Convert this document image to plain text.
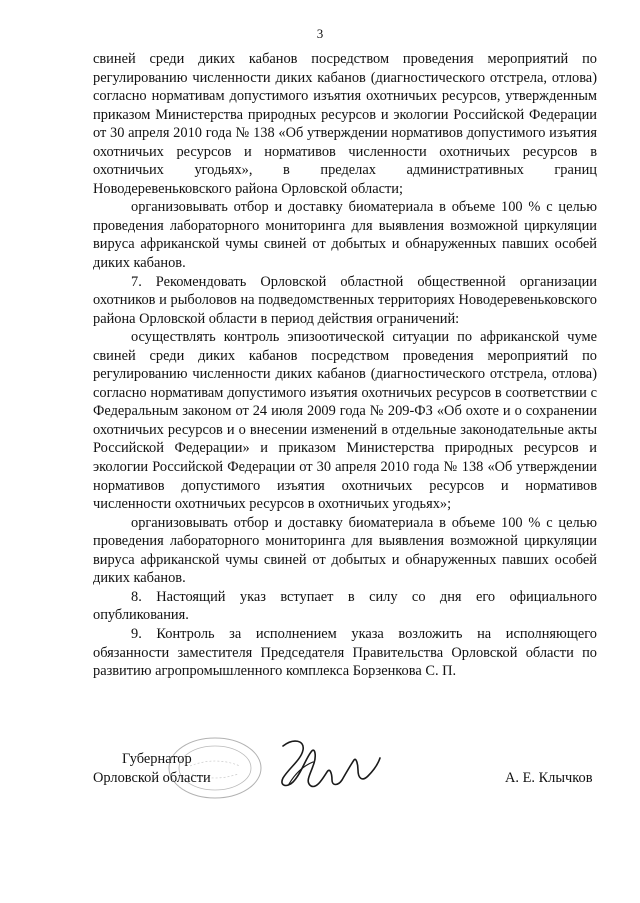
3

свиней среди диких кабанов посредством проведения мероприятий по регулированию численности диких кабанов (диагностического отстрела, отлова) согласно нормативам допустимого изъятия охотничьих ресурсов, утвержденным приказом Министерства природных ресурсов и экологии Российской Федерации от 30 апреля 2010 года № 138 «Об утверждении нормативов допустимого изъятия охотничьих ресурсов и нормативов численности охотничьих ресурсов в охотничьих угодьях», в пределах административных границ Новодеревеньковского района Орловской области;

организовывать отбор и доставку биоматериала в объеме 100 % с целью проведения лабораторного мониторинга для выявления возможной циркуляции вируса африканской чумы свиней от добытых и обнаруженных павших особей диких кабанов.

7. Рекомендовать Орловской областной общественной организации охотников и рыболовов на подведомственных территориях Новодеревеньковского района Орловской области в период действия ограничений:

осуществлять контроль эпизоотической ситуации по африканской чуме свиней среди диких кабанов посредством проведения мероприятий по регулированию численности диких кабанов (диагностического отстрела, отлова) согласно нормативам допустимого изъятия охотничьих ресурсов в соответствии с Федеральным законом от 24 июля 2009 года № 209-ФЗ «Об охоте и о сохранении охотничьих ресурсов и о внесении изменений в отдельные законодательные акты Российской Федерации» и приказом Министерства природных ресурсов и экологии Российской Федерации от 30 апреля 2010 года № 138 «Об утверждении нормативов допустимого изъятия охотничьих ресурсов и нормативов численности охотничьих ресурсов в охотничьих угодьях»;

организовывать отбор и доставку биоматериала в объеме 100 % с целью проведения лабораторного мониторинга для выявления возможной циркуляции вируса африканской чумы свиней от добытых и обнаруженных павших особей диких кабанов.

8. Настоящий указ вступает в силу со дня его официального опубликования.

9. Контроль за исполнением указа возложить на исполняющего обязанности заместителя Председателя Правительства Орловской области по развитию агропромышленного комплекса Борзенкова С. П.

Губернатор
Орловской области	А. Е. Клычков
